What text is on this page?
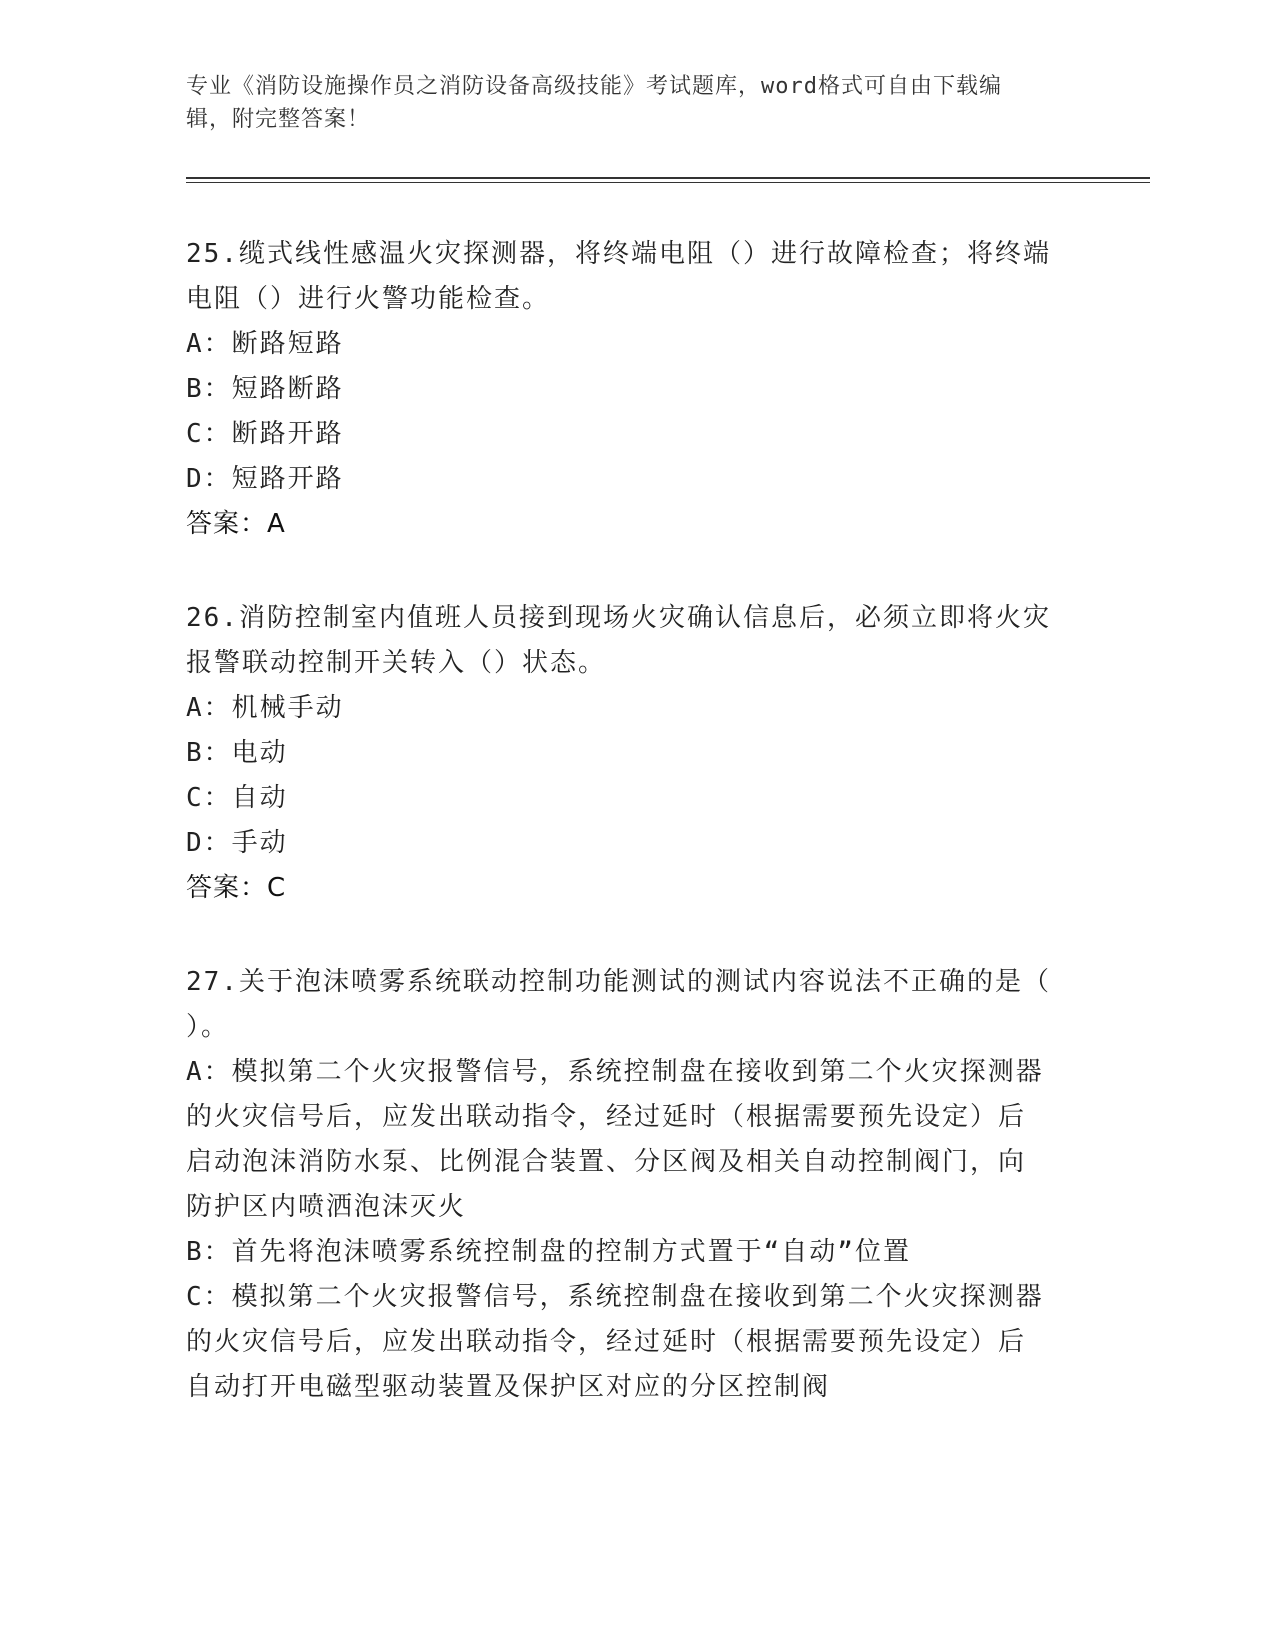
专业《消防设施操作员之消防设备高级技能》考试题库，word格式可自由下载编
辑，附完整答案！
25.缆式线性感温火灾探测器，将终端电阻（）进行故障检查；将终端
电阻（）进行火警功能检查。
A：断路短路
B：短路断路
C：断路开路
D：短路开路
答案：A
26.消防控制室内值班人员接到现场火灾确认信息后，必须立即将火灾
报警联动控制开关转入（）状态。
A：机械手动
B：电动
C：自动
D：手动
答案：C
27.关于泡沫喷雾系统联动控制功能测试的测试内容说法不正确的是（
）。
A：模拟第二个火灾报警信号，系统控制盘在接收到第二个火灾探测器
的火灾信号后，应发出联动指令，经过延时（根据需要预先设定）后
启动泡沫消防水泵、比例混合装置、分区阀及相关自动控制阀门，向
防护区内喷洒泡沫灭火
B：首先将泡沫喷雾系统控制盘的控制方式置于“自动”位置
C：模拟第二个火灾报警信号，系统控制盘在接收到第二个火灾探测器
的火灾信号后，应发出联动指令，经过延时（根据需要预先设定）后
自动打开电磁型驱动装置及保护区对应的分区控制阀
